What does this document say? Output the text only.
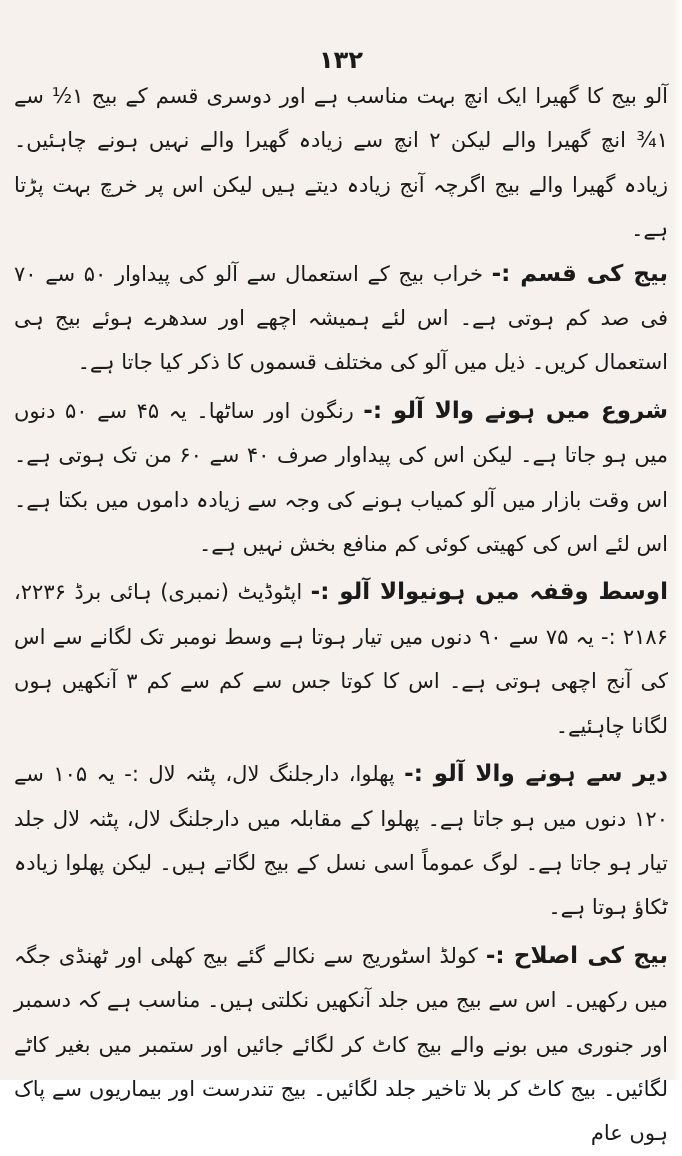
۱۳۲

آلو بیج کا گھیرا ایک انچ بہت مناسب ہے اور دوسری قسم کے بیج ۱½ سے ۱¾ انچ گھیرا والے لیکن ۲ انچ سے زیادہ گھیرا والے نہیں ہونے چاہئیں۔ زیادہ گھیرا والے بیج اگرچہ آنج زیادہ دیتے ہیں لیکن اس پر خرچ بہت پڑتا ہے۔

بیج کی قسم :- خراب بیج کے استعمال سے آلو کی پیداوار ۵۰ سے ۷۰ فی صد کم ہوتی ہے۔ اس لئے ہمیشہ اچھے اور سدھرے ہوئے بیج ہی استعمال کریں۔ ذیل میں آلو کی مختلف قسموں کا ذکر کیا جاتا ہے۔

شروع میں ہونے والا آلو :- رنگون اور ساٹھا۔ یہ ۴۵ سے ۵۰ دنوں میں ہو جاتا ہے۔ لیکن اس کی پیداوار صرف ۴۰ سے ۶۰ من تک ہوتی ہے۔ اس وقت بازار میں آلو کمیاب ہونے کی وجہ سے زیادہ داموں میں بکتا ہے۔ اس لئے اس کی کھیتی کوئی کم منافع بخش نہیں ہے۔

اوسط وقفہ میں ہونیوالا آلو :- اپٹوڈیٹ (نمبری) ہائی برڈ ۲۲۳۶، ۲۱۸۶ :- یہ ۷۵ سے ۹۰ دنوں میں تیار ہوتا ہے وسط نومبر تک لگانے سے اس کی آنج اچھی ہوتی ہے۔ اس کا کوتا جس سے کم سے کم ۳ آنکھیں ہوں لگانا چاہئیے۔

دیر سے ہونے والا آلو :- پھلوا، دارجلنگ لال، پٹنہ لال :- یہ ۱۰۵ سے ۱۲۰ دنوں میں ہو جاتا ہے۔ پھلوا کے مقابلہ میں دارجلنگ لال، پٹنہ لال جلد تیار ہو جاتا ہے۔ لوگ عموماً اسی نسل کے بیج لگاتے ہیں۔ لیکن پھلوا زیادہ ٹکاؤ ہوتا ہے۔

بیج کی اصلاح :- کولڈ اسٹوریج سے نکالے گئے بیج کھلی اور ٹھنڈی جگہ میں رکھیں۔ اس سے بیج میں جلد آنکھیں نکلتی ہیں۔ مناسب ہے کہ دسمبر اور جنوری میں بونے والے بیج کاٹ کر لگائے جائیں اور ستمبر میں بغیر کاٹے لگائیں۔ بیج کاٹ کر بلا تاخیر جلد لگائیں۔ بیج تندرست اور بیماریوں سے پاک ہوں عام
